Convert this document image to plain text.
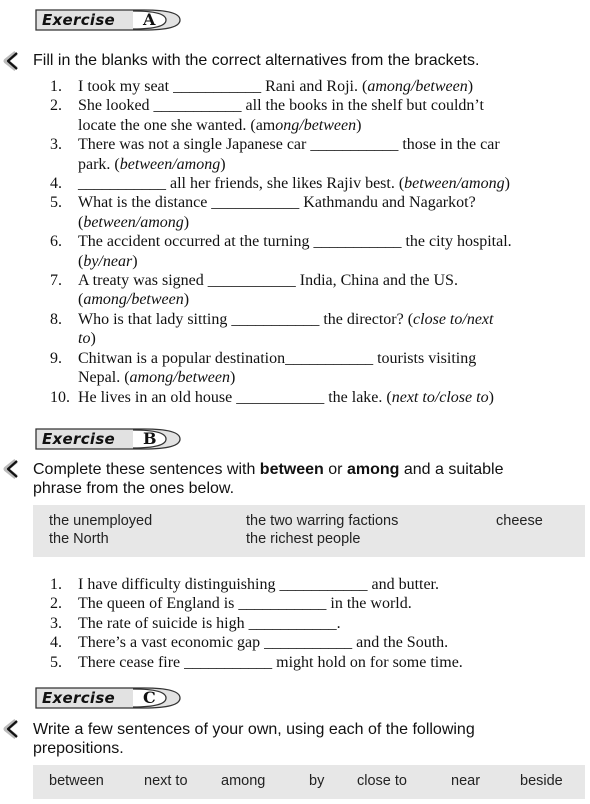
Exercise A
Fill in the blanks with the correct alternatives from the brackets.
1. I took my seat ___________ Rani and Roji. (among/between)
2. She looked ___________ all the books in the shelf but couldn’t
locate the one she wanted. (among/between)
3. There was not a single Japanese car ___________ those in the car
park. (between/among)
4. ___________ all her friends, she likes Rajiv best. (between/among)
5. What is the distance ___________ Kathmandu and Nagarkot?
(between/among)
6. The accident occurred at the turning ___________ the city hospital.
(by/near)
7. A treaty was signed ___________ India, China and the US.
(among/between)
8. Who is that lady sitting ___________ the director? (close to/next
to)
9. Chitwan is a popular destination___________ tourists visiting
Nepal. (among/between)
10. He lives in an old house ___________ the lake. (next to/close to)
Exercise B
Complete these sentences with between or among and a suitable
phrase from the ones below.
the unemployed	the two warring factions	cheese
the North	the richest people
1. I have difficulty distinguishing ___________ and butter.
2. The queen of England is ___________ in the world.
3. The rate of suicide is high ___________.
4. There’s a vast economic gap ___________ and the South.
5. There cease fire ___________ might hold on for some time.
Exercise C
Write a few sentences of your own, using each of the following
prepositions.
between	next to among	by close to	near	beside
